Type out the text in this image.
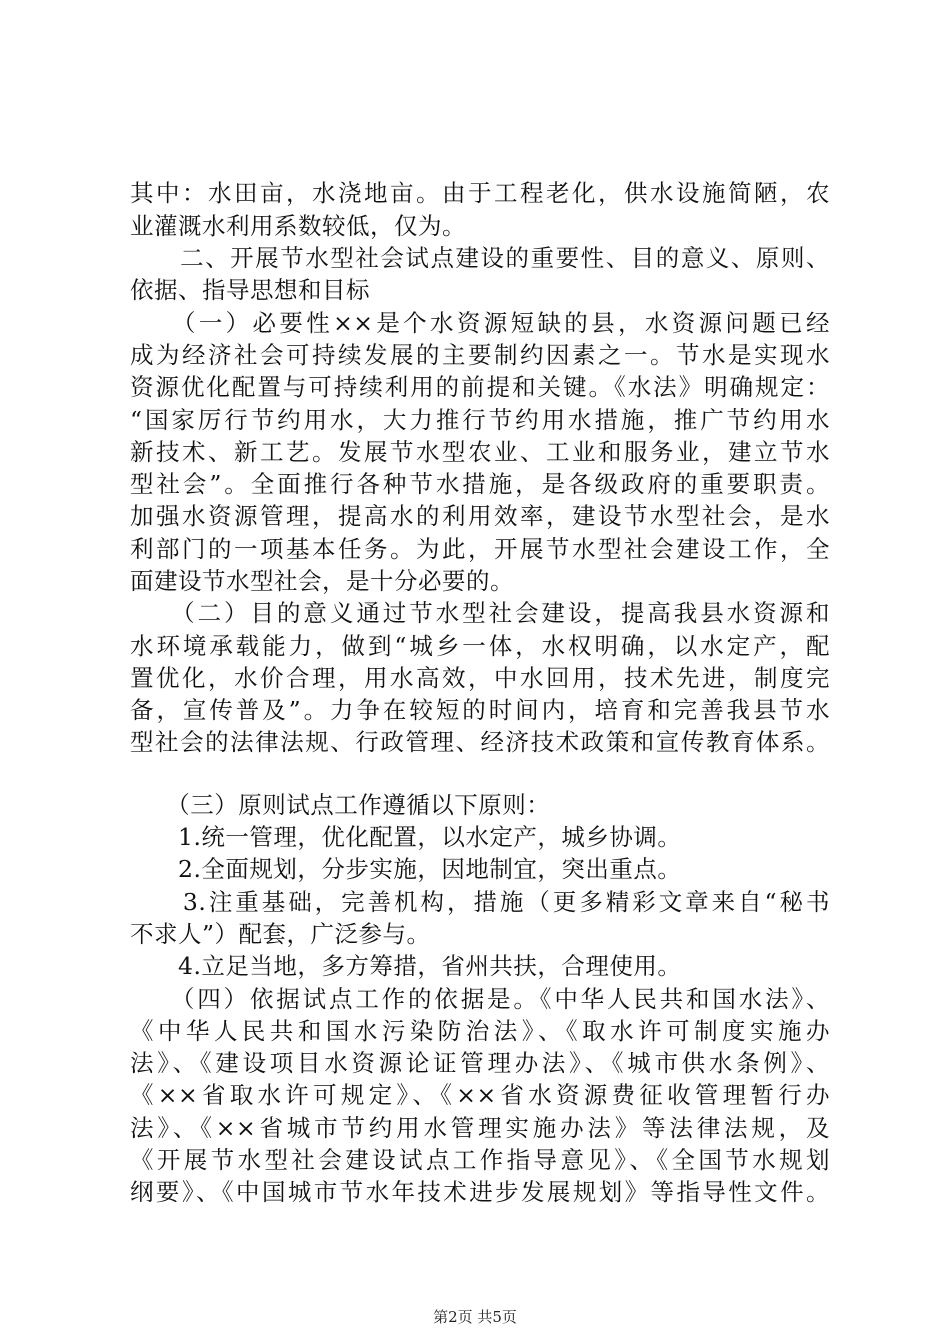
其中：水田亩，水浇地亩。由于工程老化，供水设施简陋，农
业灌溉水利用系数较低，仅为。
　　二、开展节水型社会试点建设的重要性、目的意义、原则、
依据、指导思想和目标
　　（一）必要性××是个水资源短缺的县，水资源问题已经
成为经济社会可持续发展的主要制约因素之一。节水是实现水
资源优化配置与可持续利用的前提和关键。《水法》明确规定：
“国家厉行节约用水，大力推行节约用水措施，推广节约用水
新技术、新工艺。发展节水型农业、工业和服务业，建立节水
型社会”。全面推行各种节水措施，是各级政府的重要职责。
加强水资源管理，提高水的利用效率，建设节水型社会，是水
利部门的一项基本任务。为此，开展节水型社会建设工作，全
面建设节水型社会，是十分必要的。
　　（二）目的意义通过节水型社会建设，提高我县水资源和
水环境承载能力，做到“城乡一体，水权明确，以水定产，配
置优化，水价合理，用水高效，中水回用，技术先进，制度完
备，宣传普及”。力争在较短的时间内，培育和完善我县节水
型社会的法律法规、行政管理、经济技术政策和宣传教育体系。
　　（三）原则试点工作遵循以下原则：
　　1.统一管理，优化配置，以水定产，城乡协调。
　　2.全面规划，分步实施，因地制宜，突出重点。
　　3.注重基础，完善机构，措施（更多精彩文章来自“秘书
不求人”）配套，广泛参与。
　　4.立足当地，多方筹措，省州共扶，合理使用。
　　（四）依据试点工作的依据是。《中华人民共和国水法》、
《中华人民共和国水污染防治法》、《取水许可制度实施办
法》、《建设项目水资源论证管理办法》、《城市供水条例》、
《××省取水许可规定》、《××省水资源费征收管理暂行办
法》、《××省城市节约用水管理实施办法》等法律法规，及
《开展节水型社会建设试点工作指导意见》、《全国节水规划
纲要》、《中国城市节水年技术进步发展规划》等指导性文件。
第2页 共5页
